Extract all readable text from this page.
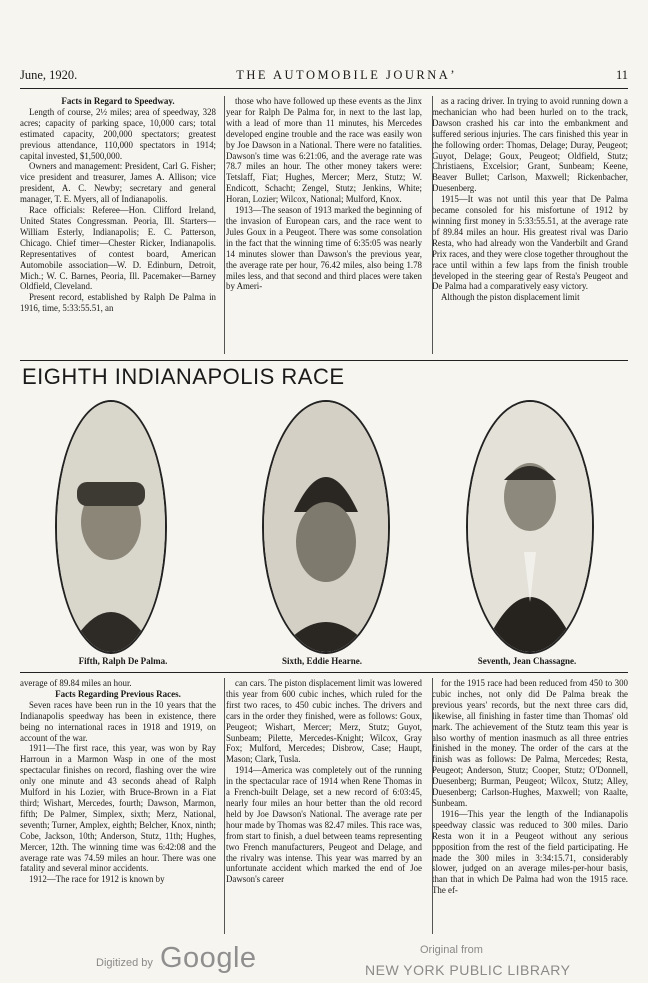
June, 1920.	THE AUTOMOBILE JOURNAʼ	11
Facts in Regard to Speedway.

Length of course, 2½ miles; area of speedway, 328 acres; capacity of parking space, 10,000 cars; total estimated capacity, 200,000 spectators; greatest previous attendance, 110,000 spectators in 1914; capital invested, $1,500,000.

Owners and management: President, Carl G. Fisher; vice president and treasurer, James A. Allison; vice president, A. C. Newby; secretary and general manager, T. E. Myers, all of Indianapolis.

Race officials: Referee—Hon. Clifford Ireland, United States Congressman. Peoria, Ill. Starters—William Esterly, Indianapolis; E. C. Patterson, Chicago. Chief timer—Chester Ricker, Indianapolis. Representatives of contest board, American Automobile association—W. D. Edinburn, Detroit, Mich.; W. C. Barnes, Peoria, Ill. Pacemaker—Barney Oldfield, Cleveland.

Present record, established by Ralph De Palma in 1916, time, 5:33:55.51, an

those who have followed up these events as the Jinx year for Ralph De Palma for, in next to the last lap, with a lead of more than 11 minutes, his Mercedes developed engine trouble and the race was easily won by Joe Dawson in a National. There were no fatalities. Dawson's time was 6:21:06, and the average rate was 78.7 miles an hour. The other money takers were: Tetslaff, Fiat; Hughes, Mercer; Merz, Stutz; W. Endicott, Schacht; Zengel, Stutz; Jenkins, White; Horan, Lozier; Wilcox, National; Mulford, Knox.

1913—The season of 1913 marked the beginning of the invasion of European cars, and the race went to Jules Goux in a Peugeot. There was some consolation in the fact that the winning time of 6:35:05 was nearly 14 minutes slower than Dawson's the previous year, the average rate per hour, 76.42 miles, also being 1.78 miles less, and that second and third places were taken by Ameri-

as a racing driver. In trying to avoid running down a mechanician who had been hurled on to the track, Dawson crashed his car into the embankment and suffered serious injuries. The cars finished this year in the following order: Thomas, Delage; Duray, Peugeot; Guyot, Delage; Goux, Peugeot; Oldfield, Stutz; Christiaens, Excelsior; Grant, Sunbeam; Keene, Beaver Bullet; Carlson, Maxwell; Rickenbacher, Duesenberg.

1915—It was not until this year that De Palma became consoled for his misfortune of 1912 by winning first money in 5:33:55.51, at the average rate of 89.84 miles an hour. His greatest rival was Dario Resta, who had already won the Vanderbilt and Grand Prix races, and they were close together throughout the race until within a few laps from the finish trouble developed in the steering gear of Resta's Peugeot and De Palma had a comparatively easy victory.

Although the piston displacement limit

EIGHTH INDIANAPOLIS RACE
Fifth, Ralph De Palma.	Sixth, Eddie Hearne.	Seventh, Jean Chassagne.

average of 89.84 miles an hour.

Facts Regarding Previous Races.

Seven races have been run in the 10 years that the Indianapolis speedway has been in existence, there being no international races in 1918 and 1919, on account of the war.

1911—The first race, this year, was won by Ray Harroun in a Marmon Wasp in one of the most spectacular finishes on record, flashing over the wire only one minute and 43 seconds ahead of Ralph Mulford in his Lozier, with Bruce-Brown in a Fiat third; Wishart, Mercedes, fourth; Dawson, Marmon, fifth; De Palmer, Simplex, sixth; Merz, National, seventh; Turner, Amplex, eighth; Belcher, Knox, ninth; Cobe, Jackson, 10th; Anderson, Stutz, 11th; Hughes, Mercer, 12th. The winning time was 6:42:08 and the average rate was 74.59 miles an hour. There was one fatality and several minor accidents.

1912—The race for 1912 is known by

can cars. The piston displacement limit was lowered this year from 600 cubic inches, which ruled for the first two races, to 450 cubic inches. The drivers and cars in the order they finished, were as follows: Goux, Peugeot; Wishart, Mercer; Merz, Stutz; Guyot, Sunbeam; Pilette, Mercedes-Knight; Wilcox, Gray Fox; Mulford, Mercedes; Disbrow, Case; Haupt, Mason; Clark, Tusla.

1914—America was completely out of the running in the spectacular race of 1914 when Rene Thomas in a French-built Delage, set a new record of 6:03:45, nearly four miles an hour better than the old record held by Joe Dawson's National. The average rate per hour made by Thomas was 82.47 miles. This race was, from start to finish, a duel between teams representing two French manufacturers, Peugeot and Delage, and the rivalry was intense. This year was marred by an unfortunate accident which marked the end of Joe Dawson's career

for the 1915 race had been reduced from 450 to 300 cubic inches, not only did De Palma break the previous years' records, but the next three cars did, likewise, all finishing in faster time than Thomas' old mark. The achievement of the Stutz team this year is also worthy of mention inasmuch as all three entries finished in the money. The order of the cars at the finish was as follows: De Palma, Mercedes; Resta, Peugeot; Anderson, Stutz; Cooper, Stutz; O'Donnell, Duesenberg; Burman, Peugeot; Wilcox, Stutz; Alley, Duesenberg; Carlson-Hughes, Maxwell; von Raalte, Sunbeam.

1916—This year the length of the Indianapolis speedway classic was reduced to 300 miles. Dario Resta won it in a Peugeot without any serious opposition from the rest of the field participating. He made the 300 miles in 3:34:15.71, considerably slower, judged on an average miles-per-hour basis, than that in which De Palma had won the 1915 race. The ef-

Digitized by Google	Original from
NEW YORK PUBLIC LIBRARY
